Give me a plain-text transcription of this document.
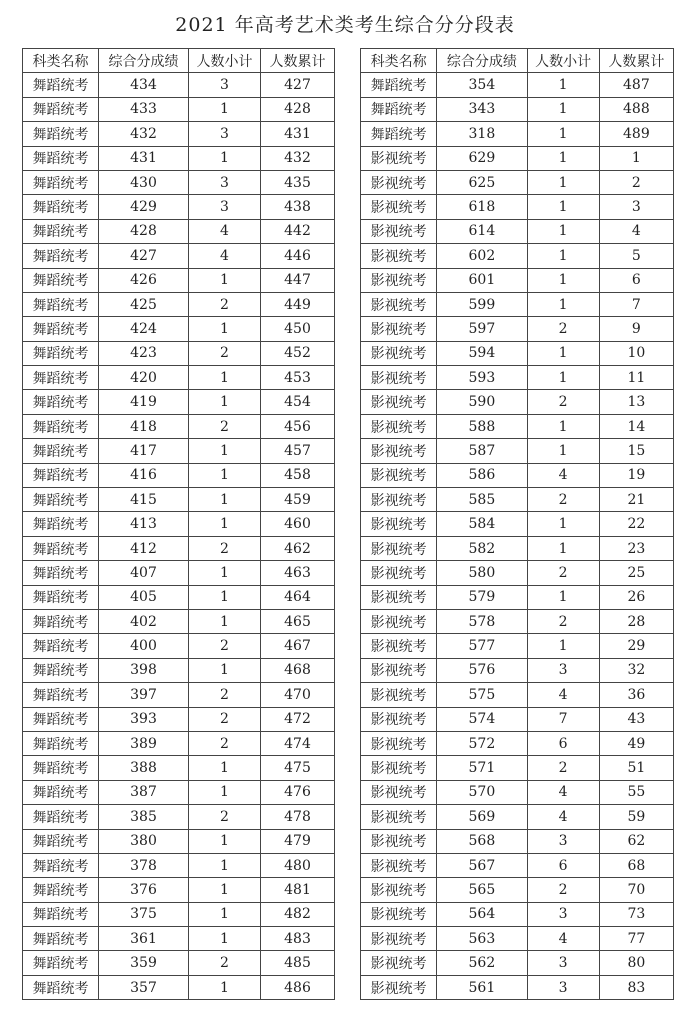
2021 年高考艺术类考生综合分分段表
科类名称	综合分成绩	人数小计	人数累计
舞蹈统考	434	3	427
舞蹈统考	433	1	428
舞蹈统考	432	3	431
舞蹈统考	431	1	432
舞蹈统考	430	3	435
舞蹈统考	429	3	438
舞蹈统考	428	4	442
舞蹈统考	427	4	446
舞蹈统考	426	1	447
舞蹈统考	425	2	449
舞蹈统考	424	1	450
舞蹈统考	423	2	452
舞蹈统考	420	1	453
舞蹈统考	419	1	454
舞蹈统考	418	2	456
舞蹈统考	417	1	457
舞蹈统考	416	1	458
舞蹈统考	415	1	459
舞蹈统考	413	1	460
舞蹈统考	412	2	462
舞蹈统考	407	1	463
舞蹈统考	405	1	464
舞蹈统考	402	1	465
舞蹈统考	400	2	467
舞蹈统考	398	1	468
舞蹈统考	397	2	470
舞蹈统考	393	2	472
舞蹈统考	389	2	474
舞蹈统考	388	1	475
舞蹈统考	387	1	476
舞蹈统考	385	2	478
舞蹈统考	380	1	479
舞蹈统考	378	1	480
舞蹈统考	376	1	481
舞蹈统考	375	1	482
舞蹈统考	361	1	483
舞蹈统考	359	2	485
舞蹈统考	357	1	486
科类名称	综合分成绩	人数小计	人数累计
舞蹈统考	354	1	487
舞蹈统考	343	1	488
舞蹈统考	318	1	489
影视统考	629	1	1
影视统考	625	1	2
影视统考	618	1	3
影视统考	614	1	4
影视统考	602	1	5
影视统考	601	1	6
影视统考	599	1	7
影视统考	597	2	9
影视统考	594	1	10
影视统考	593	1	11
影视统考	590	2	13
影视统考	588	1	14
影视统考	587	1	15
影视统考	586	4	19
影视统考	585	2	21
影视统考	584	1	22
影视统考	582	1	23
影视统考	580	2	25
影视统考	579	1	26
影视统考	578	2	28
影视统考	577	1	29
影视统考	576	3	32
影视统考	575	4	36
影视统考	574	7	43
影视统考	572	6	49
影视统考	571	2	51
影视统考	570	4	55
影视统考	569	4	59
影视统考	568	3	62
影视统考	567	6	68
影视统考	565	2	70
影视统考	564	3	73
影视统考	563	4	77
影视统考	562	3	80
影视统考	561	3	83
